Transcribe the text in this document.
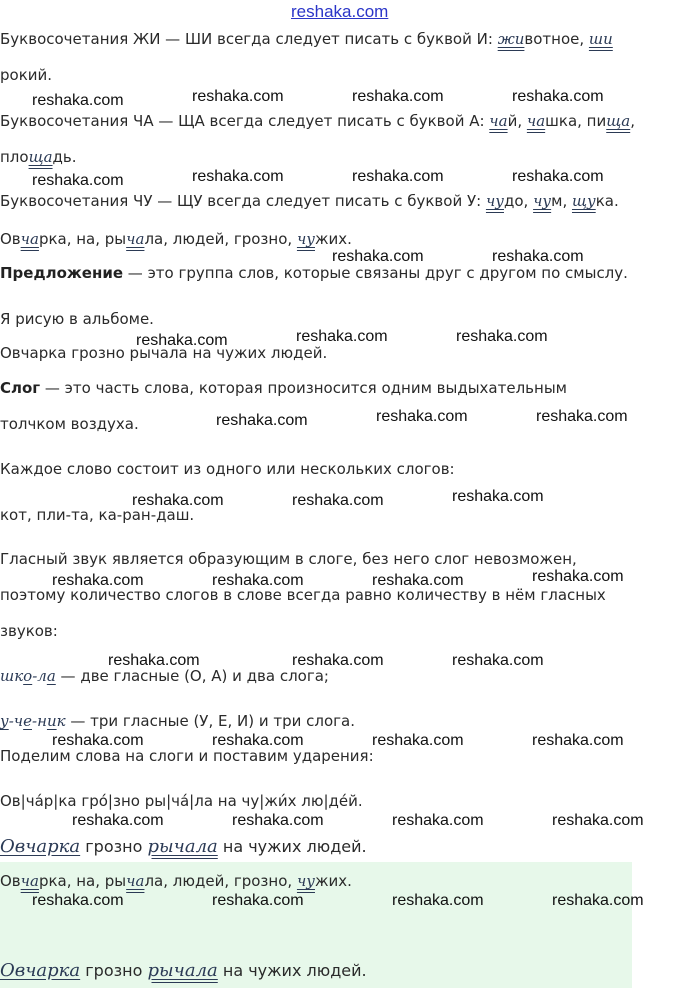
reshaka.com
Буквосочетания ЖИ — ШИ всегда следует писать с буквой И: животное, ши
рокий.
Буквосочетания ЧА — ЩА всегда следует писать с буквой А: чай, чашка, пища,
площадь.
Буквосочетания ЧУ — ЩУ всегда следует писать с буквой У: чудо, чум, щука.
Овчарка, на, рычала, людей, грозно, чужих.
Предложение — это группа слов, которые связаны друг с другом по смыслу.
Я рисую в альбоме.
Овчарка грозно рычала на чужих людей.
Слог — это часть слова, которая произносится одним выдыхательным
толчком воздуха.
Каждое слово состоит из одного или нескольких слогов:
кот, пли-та, ка-ран-даш.
Гласный звук является образующим в слоге, без него слог невозможен,
поэтому количество слогов в слове всегда равно количеству в нём гласных
звуков:
шко-ла — две гласные (О, А) и два слога;
у-че-ник — три гласные (У, Е, И) и три слога.
Поделим слова на слоги и поставим ударения:
Ов|ча́р|ка гро́|зно ры|ча́|ла на чу|жи́х лю|де́й.
Овчарка грозно рычала на чужих людей.
Овчарка, на, рычала, людей, грозно, чужих.
Овчарка грозно рычала на чужих людей.
reshaka.com	reshaka.com	reshaka.com	reshaka.com
reshaka.com	reshaka.com	reshaka.com	reshaka.com
reshaka.com	reshaka.com
reshaka.com	reshaka.com	reshaka.com
reshaka.com	reshaka.com	reshaka.com
reshaka.com	reshaka.com	reshaka.com
reshaka.com	reshaka.com	reshaka.com	reshaka.com
reshaka.com	reshaka.com	reshaka.com
reshaka.com	reshaka.com	reshaka.com	reshaka.com
reshaka.com	reshaka.com	reshaka.com	reshaka.com
reshaka.com	reshaka.com	reshaka.com	reshaka.com
